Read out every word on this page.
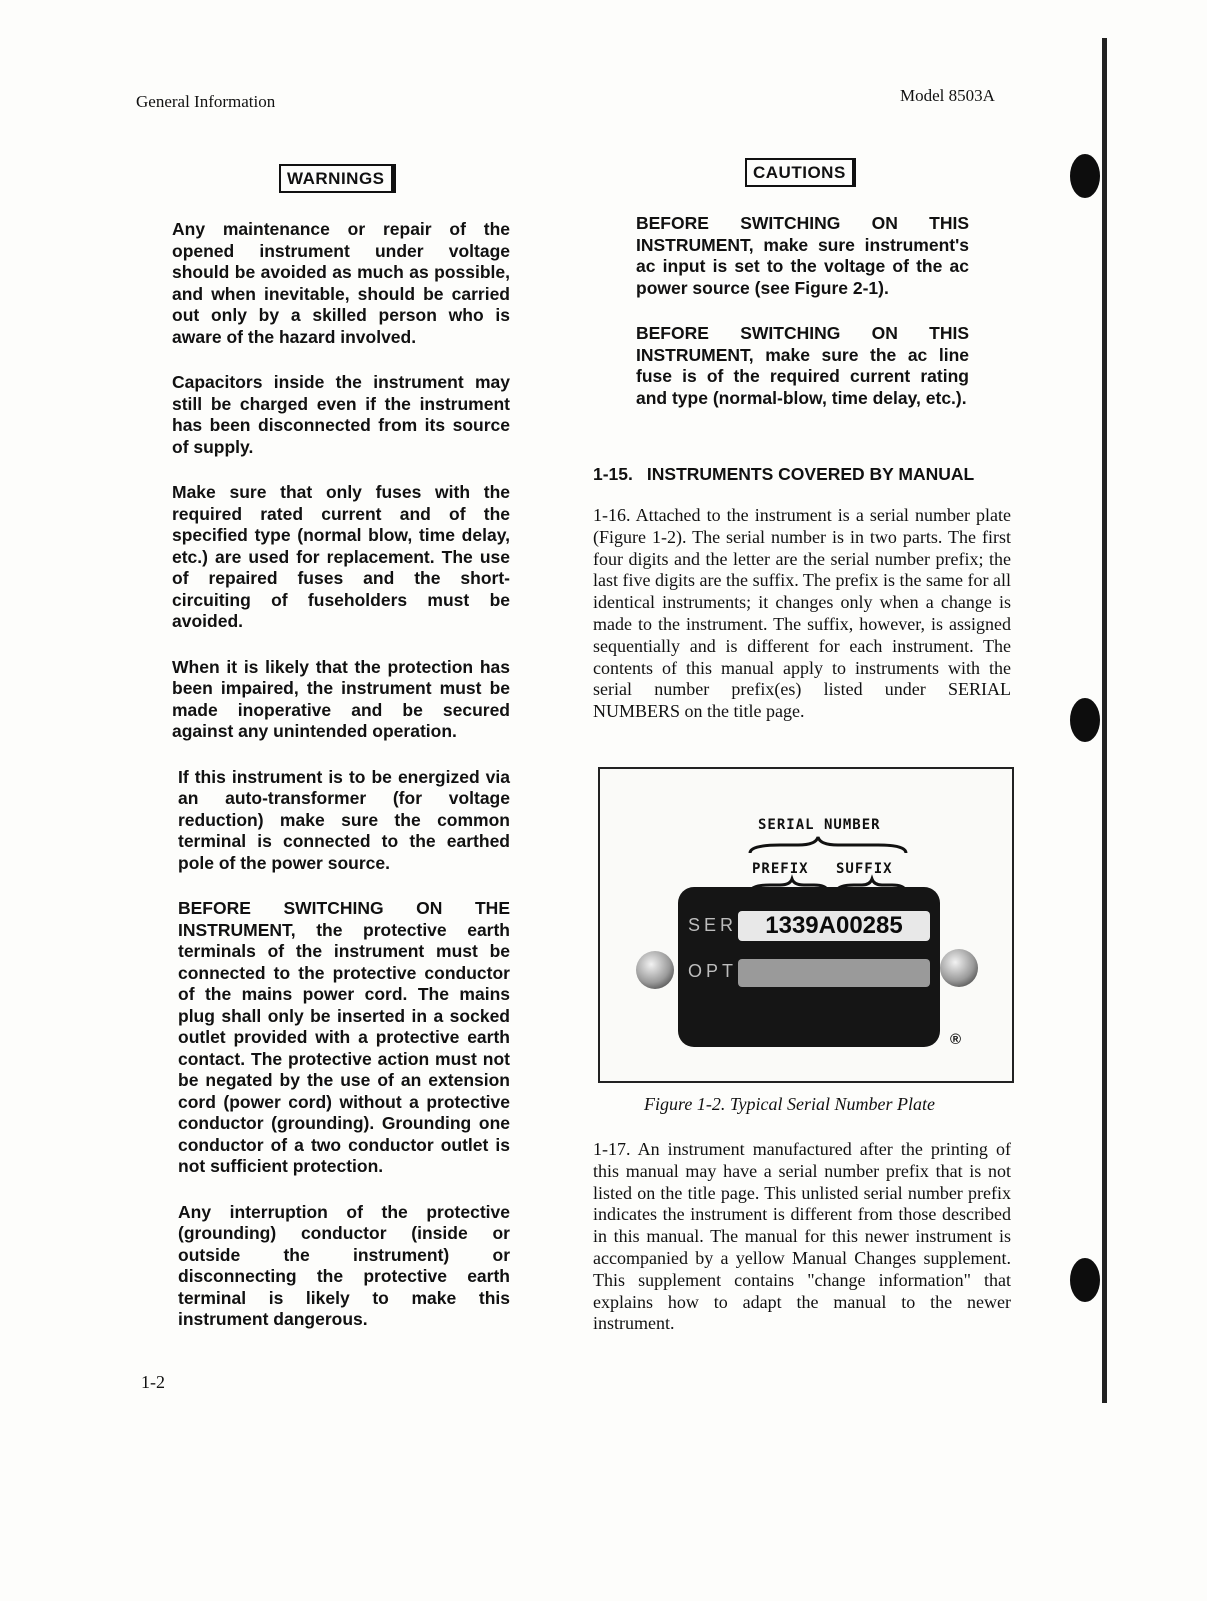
General Information	Model 8503A
WARNINGS

Any maintenance or repair of the opened instrument under voltage should be avoided as much as possible, and when inevitable, should be carried out only by a skilled person who is aware of the hazard involved.

Capacitors inside the instrument may still be charged even if the instrument has been disconnected from its source of supply.

Make sure that only fuses with the required rated current and of the specified type (normal blow, time delay, etc.) are used for replacement. The use of repaired fuses and the short-circuiting of fuseholders must be avoided.

When it is likely that the protection has been impaired, the instrument must be made inoperative and be secured against any unintended operation.

If this instrument is to be energized via an auto-transformer (for voltage reduction) make sure the common terminal is connected to the earthed pole of the power source.

BEFORE SWITCHING ON THE INSTRUMENT, the protective earth terminals of the instrument must be connected to the protective conductor of the mains power cord. The mains plug shall only be inserted in a socked outlet provided with a protective earth contact. The protective action must not be negated by the use of an extension cord (power cord) without a protective conductor (grounding). Grounding one conductor of a two conductor outlet is not sufficient protection.

Any interruption of the protective (grounding) conductor (inside or outside the instrument) or disconnecting the protective earth terminal is likely to make this instrument dangerous.

CAUTIONS

BEFORE SWITCHING ON THIS INSTRUMENT, make sure instrument's ac input is set to the voltage of the ac power source (see Figure 2-1).

BEFORE SWITCHING ON THIS INSTRUMENT, make sure the ac line fuse is of the required current rating and type (normal-blow, time delay, etc.).

1-15. INSTRUMENTS COVERED BY MANUAL
1-16. Attached to the instrument is a serial number plate (Figure 1-2). The serial number is in two parts. The first four digits and the letter are the serial number prefix; the last five digits are the suffix. The prefix is the same for all identical instruments; it changes only when a change is made to the instrument. The suffix, however, is assigned sequentially and is different for each instrument. The contents of this manual apply to instruments with the serial number prefix(es) listed under SERIAL NUMBERS on the title page.
SERIAL NUMBER
PREFIX SUFFIX
SER	1339A00285
OPT
®
Figure 1-2. Typical Serial Number Plate
1-17. An instrument manufactured after the printing of this manual may have a serial number prefix that is not listed on the title page. This unlisted serial number prefix indicates the instrument is different from those described in this manual. The manual for this newer instrument is accompanied by a yellow Manual Changes supplement. This supplement contains "change information" that explains how to adapt the manual to the newer instrument.
1-2
